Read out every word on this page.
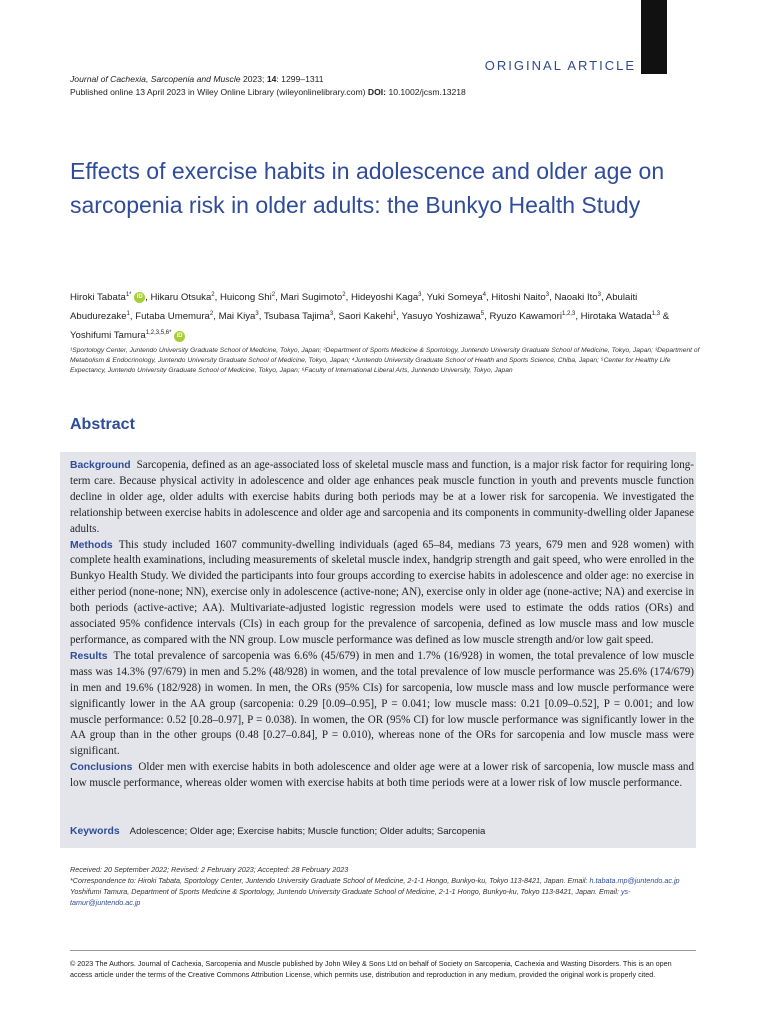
ORIGINAL ARTICLE
Journal of Cachexia, Sarcopenia and Muscle 2023; 14: 1299–1311
Published online 13 April 2023 in Wiley Online Library (wileyonlinelibrary.com) DOI: 10.1002/jcsm.13218
Effects of exercise habits in adolescence and older age on sarcopenia risk in older adults: the Bunkyo Health Study
Hiroki Tabata$^{1*}$ iD , Hikaru Otsuka$^2$, Huicong Shi$^2$, Mari Sugimoto$^2$, Hideyoshi Kaga$^3$, Yuki Someya$^4$, Hitoshi Naito$^3$, Naoaki Ito$^3$, Abulaiti Abudurezake$^1$, Futaba Umemura$^2$, Mai Kiya$^3$, Tsubasa Tajima$^3$, Saori Kakehi$^1$, Yasuyo Yoshizawa$^5$, Ryuzo Kawamori$^{1,2,3}$, Hirotaka Watada$^{1,3}$ & Yoshifumi Tamura$^{1,2,3,5,6*}$ iD
¹Sportology Center, Juntendo University Graduate School of Medicine, Tokyo, Japan; ²Department of Sports Medicine & Sportology, Juntendo University Graduate School of Medicine, Tokyo, Japan; ³Department of Metabolism & Endocrinology, Juntendo University Graduate School of Medicine, Tokyo, Japan; ⁴Juntendo University Graduate School of Health and Sports Science, Chiba, Japan; ⁵Center for Healthy Life Expectancy, Juntendo University Graduate School of Medicine, Tokyo, Japan; ⁶Faculty of International Liberal Arts, Juntendo University, Tokyo, Japan
Abstract

Background Sarcopenia, defined as an age-associated loss of skeletal muscle mass and function, is a major risk factor for requiring long-term care. Because physical activity in adolescence and older age enhances peak muscle function in youth and prevents muscle function decline in older age, older adults with exercise habits during both periods may be at a lower risk for sarcopenia. We investigated the relationship between exercise habits in adolescence and older age and sarcopenia and its components in community-dwelling older Japanese adults.

Methods This study included 1607 community-dwelling individuals (aged 65–84, medians 73 years, 679 men and 928 women) with complete health examinations, including measurements of skeletal muscle index, handgrip strength and gait speed, who were enrolled in the Bunkyo Health Study. We divided the participants into four groups according to exercise habits in adolescence and older age: no exercise in either period (none-none; NN), exercise only in adolescence (active-none; AN), exercise only in older age (none-active; NA) and exercise in both periods (active-active; AA). Multivariate-adjusted logistic regression models were used to estimate the odds ratios (ORs) and associated 95% confidence intervals (CIs) in each group for the prevalence of sarcopenia, defined as low muscle mass and low muscle performance, as compared with the NN group. Low muscle performance was defined as low muscle strength and/or low gait speed.

Results The total prevalence of sarcopenia was 6.6% (45/679) in men and 1.7% (16/928) in women, the total prevalence of low muscle mass was 14.3% (97/679) in men and 5.2% (48/928) in women, and the total prevalence of low muscle performance was 25.6% (174/679) in men and 19.6% (182/928) in women. In men, the ORs (95% CIs) for sarcopenia, low muscle mass and low muscle performance were significantly lower in the AA group (sarcopenia: 0.29 [0.09–0.95], P = 0.041; low muscle mass: 0.21 [0.09–0.52], P = 0.001; and low muscle performance: 0.52 [0.28–0.97], P = 0.038). In women, the OR (95% CI) for low muscle performance was significantly lower in the AA group than in the other groups (0.48 [0.27–0.84], P = 0.010), whereas none of the ORs for sarcopenia and low muscle mass were significant.

Conclusions Older men with exercise habits in both adolescence and older age were at a lower risk of sarcopenia, low muscle mass and low muscle performance, whereas older women with exercise habits at both time periods were at a lower risk of low muscle performance.

Keywords Adolescence; Older age; Exercise habits; Muscle function; Older adults; Sarcopenia
Received: 20 September 2022; Revised: 2 February 2023; Accepted: 28 February 2023
*Correspondence to: Hiroki Tabata, Sportology Center, Juntendo University Graduate School of Medicine, 2-1-1 Hongo, Bunkyo-ku, Tokyo 113-8421, Japan. Email: h.tabata.mp@juntendo.ac.jp
Yoshifumi Tamura, Department of Sports Medicine & Sportology, Juntendo University Graduate School of Medicine, 2-1-1 Hongo, Bunkyo-ku, Tokyo 113-8421, Japan. Email: ys-tamur@juntendo.ac.jp
© 2023 The Authors. Journal of Cachexia, Sarcopenia and Muscle published by John Wiley & Sons Ltd on behalf of Society on Sarcopenia, Cachexia and Wasting Disorders. This is an open access article under the terms of the Creative Commons Attribution License, which permits use, distribution and reproduction in any medium, provided the original work is properly cited.
